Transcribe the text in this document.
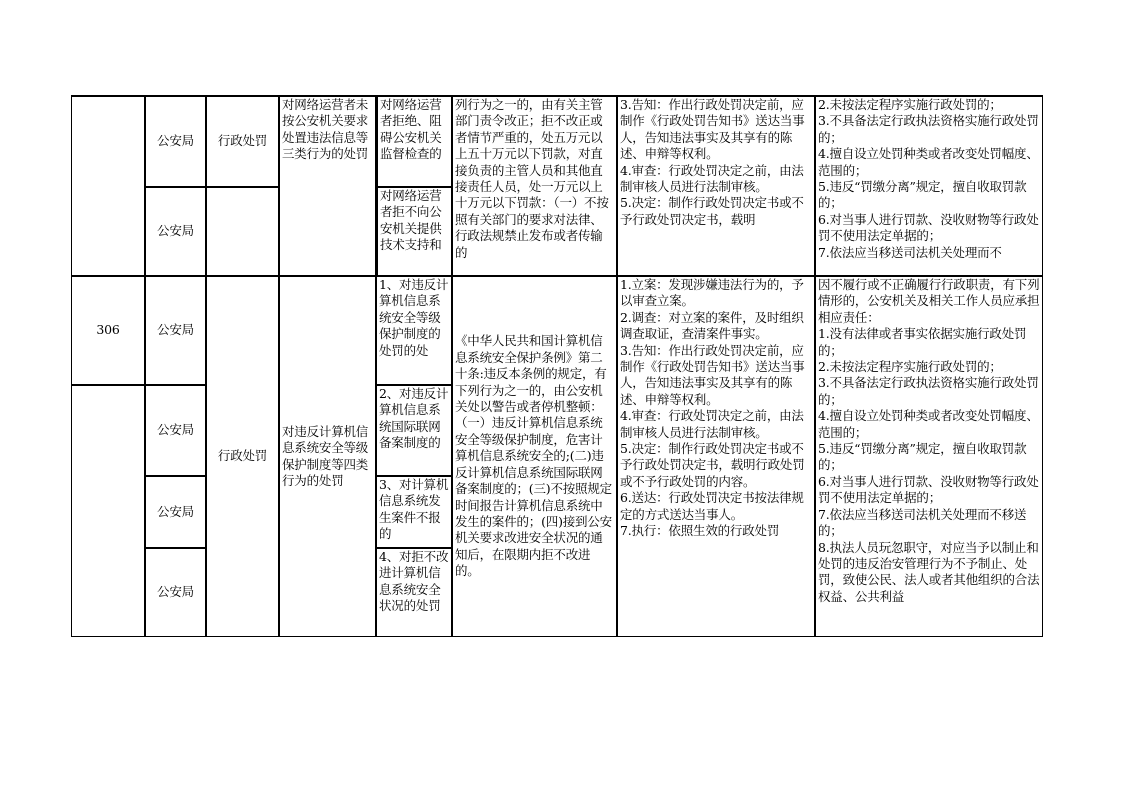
公安局
公安局
行政处罚
对网络运营者未按公安机关要求处置违法信息等三类行为的处罚
对网络运营者拒绝、阻碍公安机关监督检查的
对网络运营者拒不向公安机关提供技术支持和
列行为之一的，由有关主管部门责令改正；拒不改正或者情节严重的，处五万元以上五十万元以下罚款，对直接负责的主管人员和其他直接责任人员，处一万元以上十万元以下罚款：（一）不按照有关部门的要求对法律、行政法规禁止发布或者传输的
3.告知：作出行政处罚决定前，应制作《行政处罚告知书》送达当事人，告知违法事实及其享有的陈述、申辩等权利。
4.审查：行政处罚决定之前，由法制审核人员进行法制审核。
5.决定：制作行政处罚决定书或不予行政处罚决定书，载明
2.未按法定程序实施行政处罚的；
3.不具备法定行政执法资格实施行政处罚的；
4.擅自设立处罚种类或者改变处罚幅度、范围的；
5.违反“罚缴分离”规定，擅自收取罚款的；
6.对当事人进行罚款、没收财物等行政处罚不使用法定单据的；
7.依法应当移送司法机关处理而不
306	公安局
公安局
公安局
公安局
行政处罚
对违反计算机信息系统安全等级保护制度等四类行为的处罚
1、对违反计算机信息系统安全等级保护制度的处罚的处
2、对违反计算机信息系统国际联网备案制度的
3、对计算机信息系统发生案件不报的
4、对拒不改进计算机信息系统安全状况的处罚
《中华人民共和国计算机信息系统安全保护条例》第二十条:违反本条例的规定，有下列行为之一的，由公安机关处以警告或者停机整顿：（一）违反计算机信息系统安全等级保护制度，危害计算机信息系统安全的;(二)违反计算机信息系统国际联网备案制度的；(三)不按照规定时间报告计算机信息系统中发生的案件的；(四)接到公安机关要求改进安全状况的通知后，在限期内拒不改进的。
1.立案：发现涉嫌违法行为的，予以审查立案。
2.调查：对立案的案件，及时组织调查取证，查清案件事实。
3.告知：作出行政处罚决定前，应制作《行政处罚告知书》送达当事人，告知违法事实及其享有的陈述、申辩等权利。
4.审查：行政处罚决定之前，由法制审核人员进行法制审核。
5.决定：制作行政处罚决定书或不予行政处罚决定书，载明行政处罚或不予行政处罚的内容。
6.送达：行政处罚决定书按法律规定的方式送达当事人。
7.执行：依照生效的行政处罚
因不履行或不正确履行行政职责，有下列情形的，公安机关及相关工作人员应承担相应责任：
1.没有法律或者事实依据实施行政处罚的；
2.未按法定程序实施行政处罚的；
3.不具备法定行政执法资格实施行政处罚的；
4.擅自设立处罚种类或者改变处罚幅度、范围的；
5.违反“罚缴分离”规定，擅自收取罚款的；
6.对当事人进行罚款、没收财物等行政处罚不使用法定单据的；
7.依法应当移送司法机关处理而不移送的；
8.执法人员玩忽职守，对应当予以制止和处罚的违反治安管理行为不予制止、处罚，致使公民、法人或者其他组织的合法权益、公共利益
